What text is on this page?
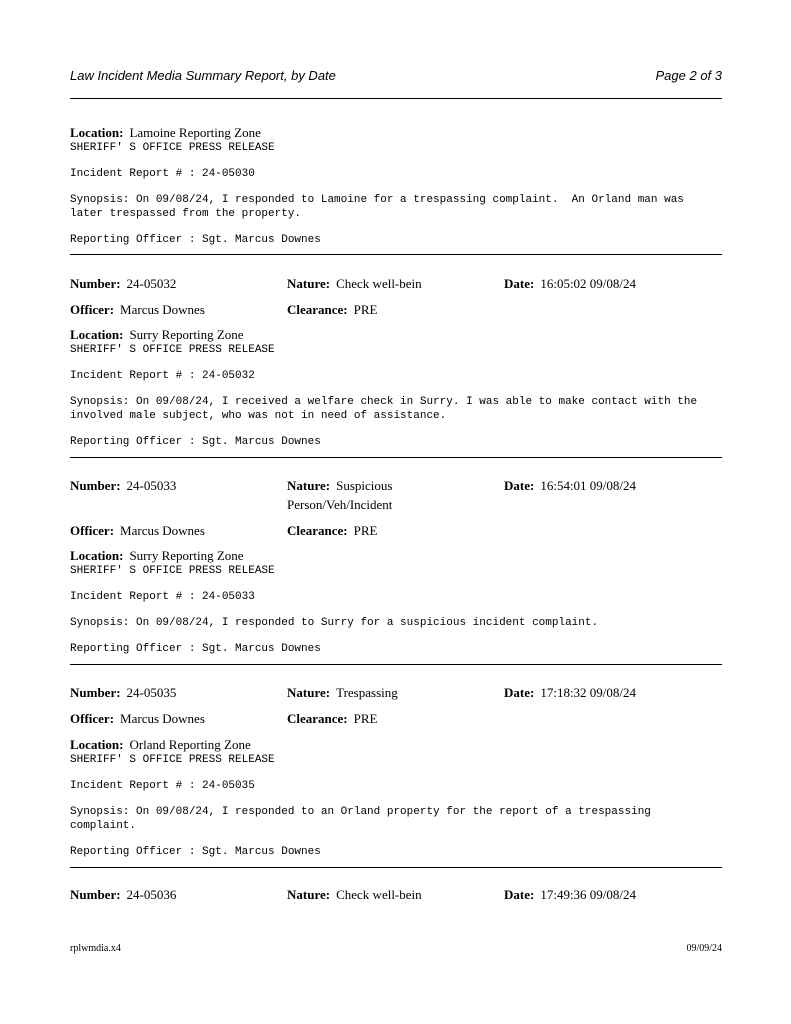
Law Incident Media Summary Report, by Date	Page 2 of 3
Location: Lamoine Reporting Zone
SHERIFF' S OFFICE PRESS RELEASE
Incident Report # : 24-05030
Synopsis: On 09/08/24, I responded to Lamoine for a trespassing complaint.  An Orland man was later trespassed from the property.
Reporting Officer : Sgt. Marcus Downes
Number: 24-05032	Nature: Check well-bein	Date: 16:05:02 09/08/24
Officer: Marcus Downes	Clearance: PRE
Location: Surry Reporting Zone
SHERIFF' S OFFICE PRESS RELEASE
Incident Report # : 24-05032
Synopsis: On 09/08/24, I received a welfare check in Surry. I was able to make contact with the involved male subject, who was not in need of assistance.
Reporting Officer : Sgt. Marcus Downes
Number: 24-05033	Nature: Suspicious Person/Veh/Incident
Date: 16:54:01 09/08/24
Officer: Marcus Downes	Clearance: PRE
Location: Surry Reporting Zone
SHERIFF' S OFFICE PRESS RELEASE
Incident Report # : 24-05033
Synopsis: On 09/08/24, I responded to Surry for a suspicious incident complaint.
Reporting Officer : Sgt. Marcus Downes
Number: 24-05035	Nature: Trespassing	Date: 17:18:32 09/08/24
Officer: Marcus Downes	Clearance: PRE
Location: Orland Reporting Zone
SHERIFF' S OFFICE PRESS RELEASE
Incident Report # : 24-05035
Synopsis: On 09/08/24, I responded to an Orland property for the report of a trespassing complaint.
Reporting Officer : Sgt. Marcus Downes
Number: 24-05036	Nature: Check well-bein	Date: 17:49:36 09/08/24
rplwmdia.x4	09/09/24
